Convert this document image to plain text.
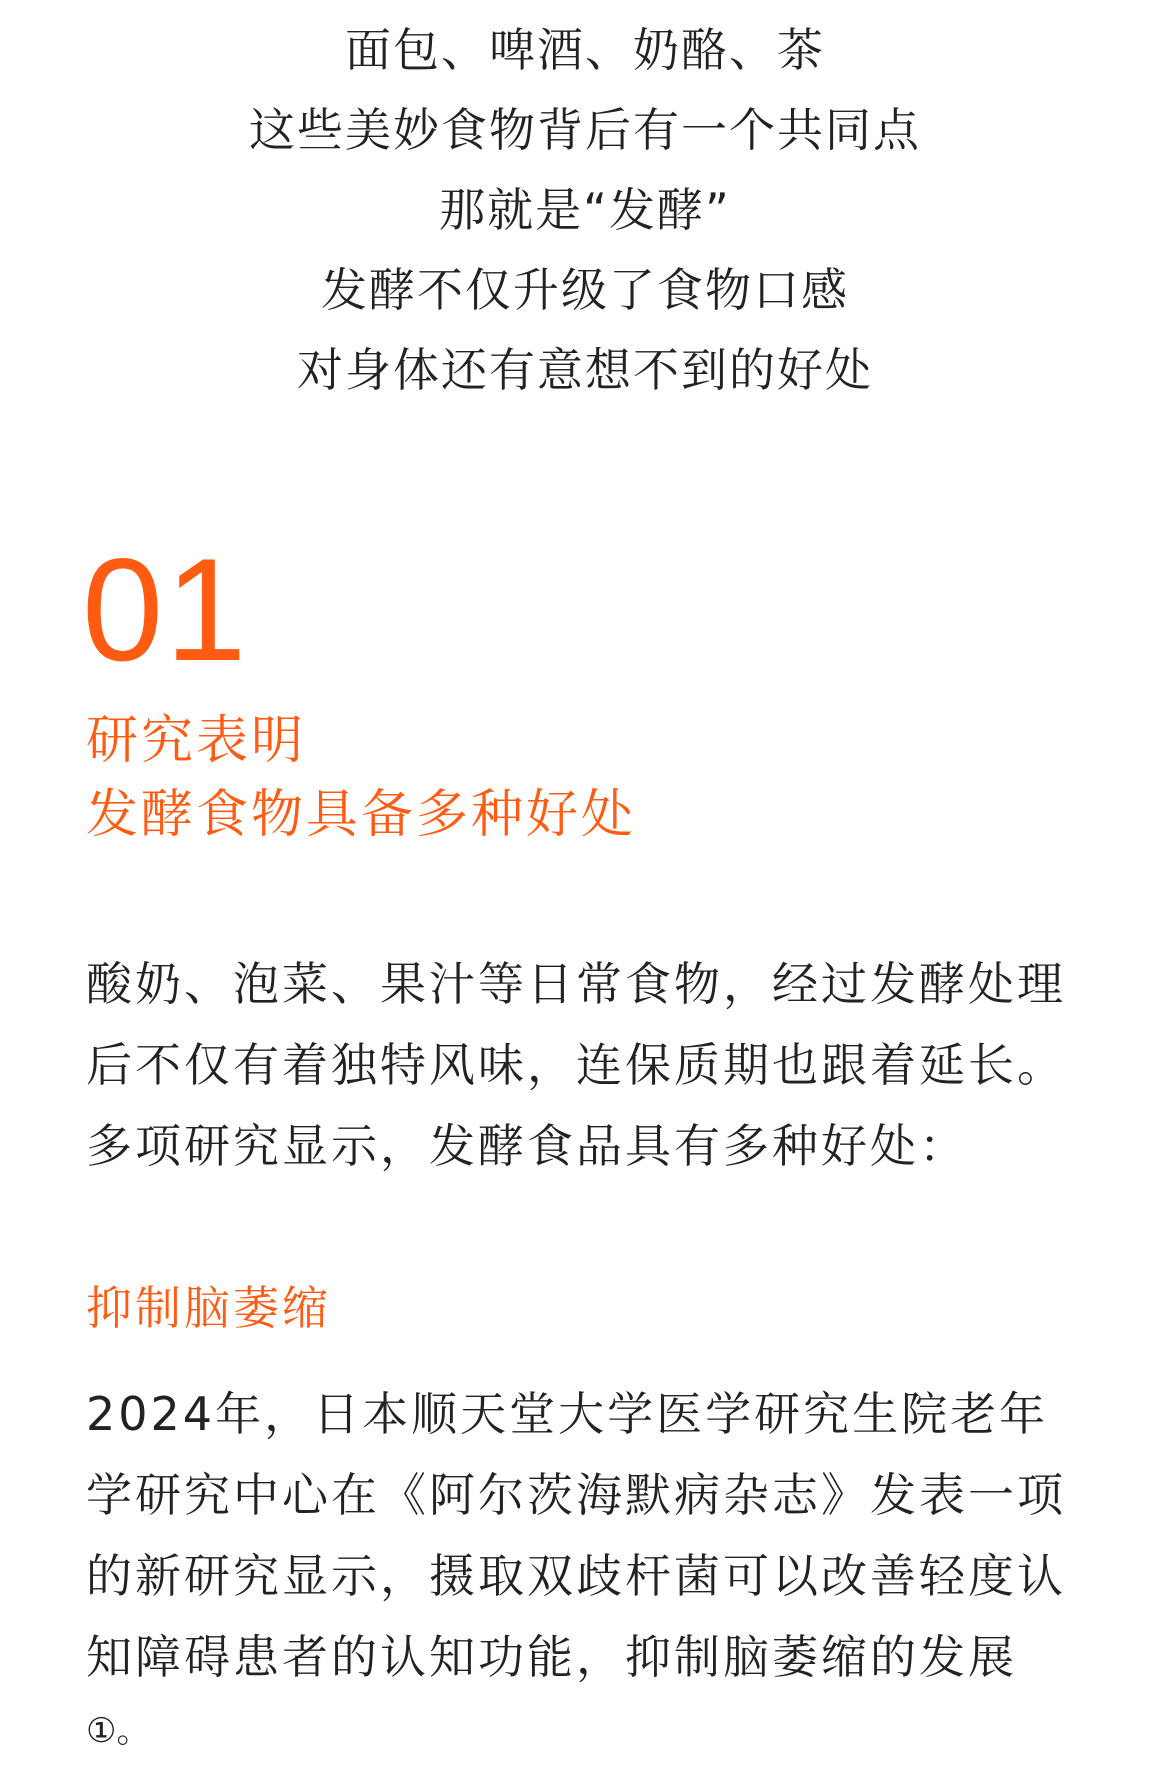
面包、啤酒、奶酪、茶
这些美妙食物背后有一个共同点
那就是“发酵”
发酵不仅升级了食物口感
对身体还有意想不到的好处
01
研究表明
发酵食物具备多种好处
酸奶、泡菜、果汁等日常食物，经过发酵处理
后不仅有着独特风味，连保质期也跟着延长。
多项研究显示，发酵食品具有多种好处：
抑制脑萎缩
2024年，日本顺天堂大学医学研究生院老年
学研究中心在《阿尔茨海默病杂志》发表一项
的新研究显示，摄取双歧杆菌可以改善轻度认
知障碍患者的认知功能，抑制脑萎缩的发展
①。
